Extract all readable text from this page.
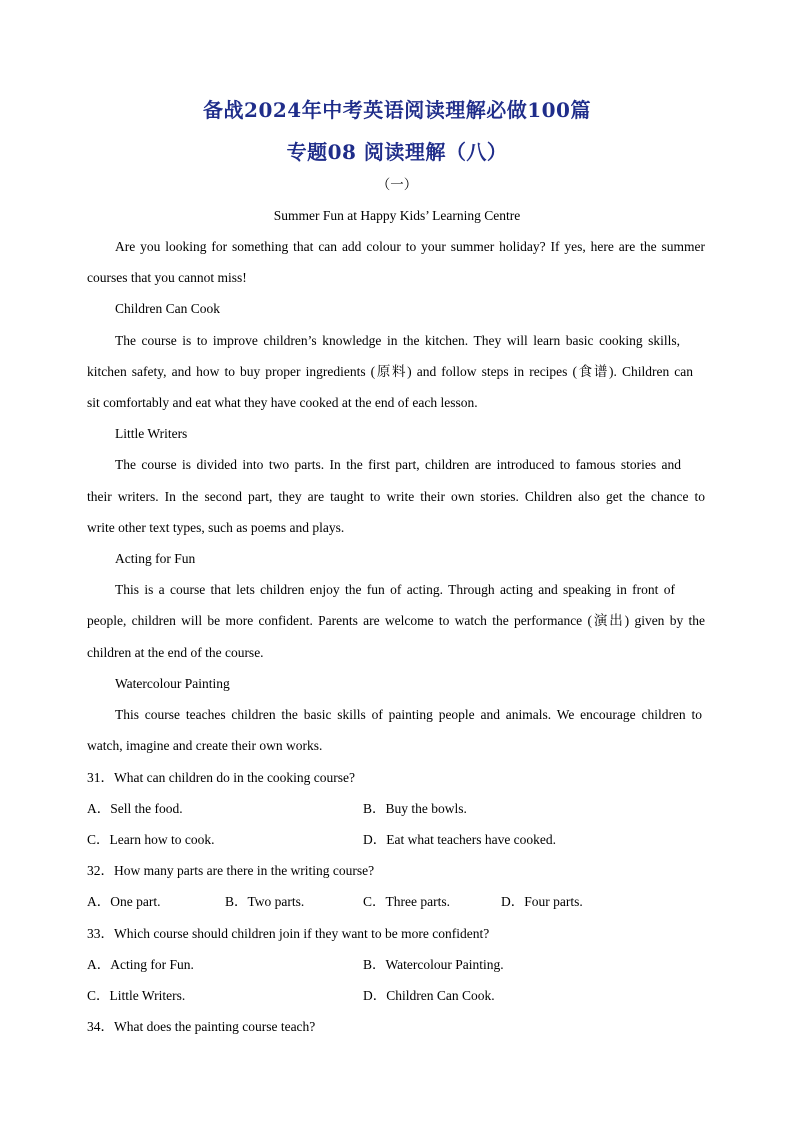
备战2024年中考英语阅读理解必做100篇
专题08 阅读理解（八）
（一）
Summer Fun at Happy Kids’ Learning Centre
Are you looking for something that can add colour to your summer holiday? If yes, here are the summer
courses that you cannot miss!
Children Can Cook
The course is to improve children’s knowledge in the kitchen. They will learn basic cooking skills,
kitchen safety, and how to buy proper ingredients (原料) and follow steps in recipes (食谱). Children can
sit comfortably and eat what they have cooked at the end of each lesson.
Little Writers
The course is divided into two parts. In the first part, children are introduced to famous stories and
their writers. In the second part, they are taught to write their own stories. Children also get the chance to
write other text types, such as poems and plays.
Acting for Fun
This is a course that lets children enjoy the fun of acting. Through acting and speaking in front of
people, children will be more confident. Parents are welcome to watch the performance (演出) given by the
children at the end of the course.
Watercolour Painting
This course teaches children the basic skills of painting people and animals. We encourage children to
watch, imagine and create their own works.
31．What can children do in the cooking course?
A．Sell the food.	B．Buy the bowls.
C．Learn how to cook.	D．Eat what teachers have cooked.
32．How many parts are there in the writing course?
A．One part.	B．Two parts.	C．Three parts.	D．Four parts.
33．Which course should children join if they want to be more confident?
A．Acting for Fun.	B．Watercolour Painting.
C．Little Writers.	D．Children Can Cook.
34．What does the painting course teach?
